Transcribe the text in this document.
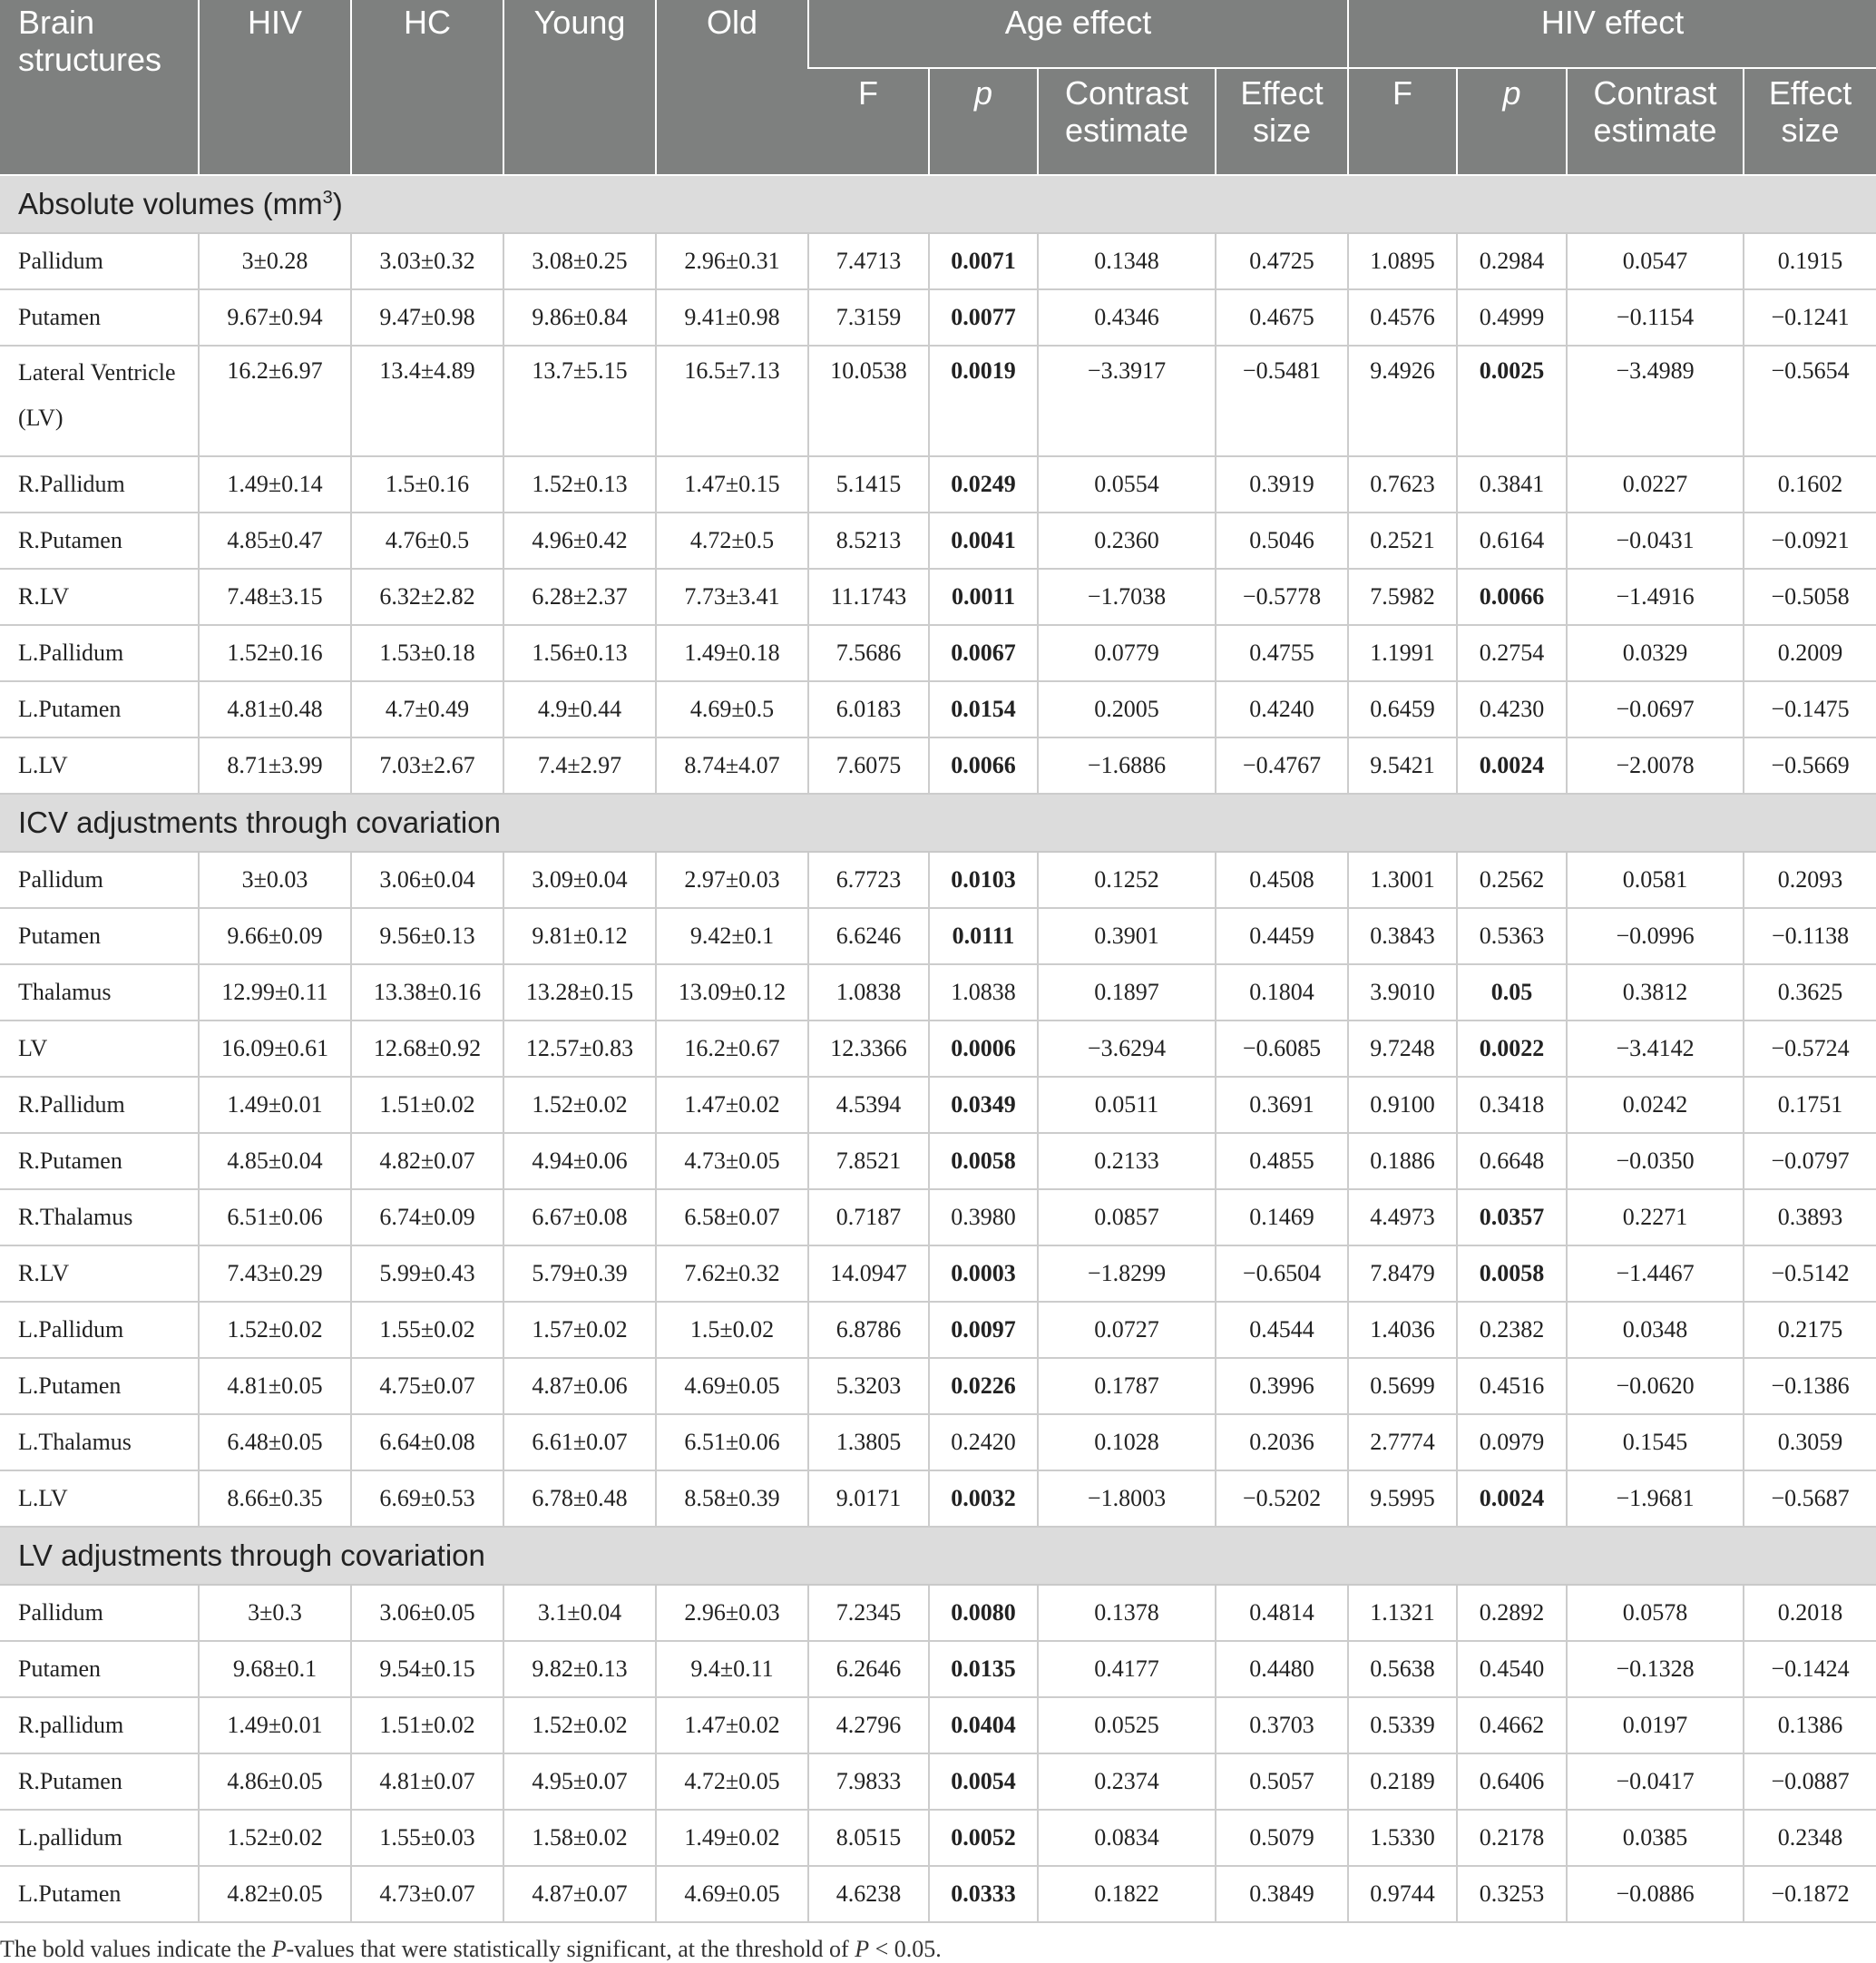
Brain structures	HIV	HC	Young	Old	Age effect				HIV effect			
					F	p	Contrast estimate	Effect size	F	p	Contrast estimate	Effect size
Absolute volumes $(mm^3)$												
Pallidum	3±0.28	3.03±0.32	3.08±0.25	2.96±0.31	7.4713	0.0071	0.1348	0.4725	1.0895	0.2984	0.0547	0.1915
Putamen	9.67±0.94	9.47±0.98	9.86±0.84	9.41±0.98	7.3159	0.0077	0.4346	0.4675	0.4576	0.4999	−0.1154	−0.1241
Lateral Ventricle (LV)	16.2±6.97	13.4±4.89	13.7±5.15	16.5±7.13	10.0538	0.0019	−3.3917	−0.5481	9.4926	0.0025	−3.4989	−0.5654
R.Pallidum	1.49±0.14	1.5±0.16	1.52±0.13	1.47±0.15	5.1415	0.0249	0.0554	0.3919	0.7623	0.3841	0.0227	0.1602
R.Putamen	4.85±0.47	4.76±0.5	4.96±0.42	4.72±0.5	8.5213	0.0041	0.2360	0.5046	0.2521	0.6164	−0.0431	−0.0921
R.LV	7.48±3.15	6.32±2.82	6.28±2.37	7.73±3.41	11.1743	0.0011	−1.7038	−0.5778	7.5982	0.0066	−1.4916	−0.5058
L.Pallidum	1.52±0.16	1.53±0.18	1.56±0.13	1.49±0.18	7.5686	0.0067	0.0779	0.4755	1.1991	0.2754	0.0329	0.2009
L.Putamen	4.81±0.48	4.7±0.49	4.9±0.44	4.69±0.5	6.0183	0.0154	0.2005	0.4240	0.6459	0.4230	−0.0697	−0.1475
L.LV	8.71±3.99	7.03±2.67	7.4±2.97	8.74±4.07	7.6075	0.0066	−1.6886	−0.4767	9.5421	0.0024	−2.0078	−0.5669
ICV adjustments through covariation												
Pallidum	3±0.03	3.06±0.04	3.09±0.04	2.97±0.03	6.7723	0.0103	0.1252	0.4508	1.3001	0.2562	0.0581	0.2093
Putamen	9.66±0.09	9.56±0.13	9.81±0.12	9.42±0.1	6.6246	0.0111	0.3901	0.4459	0.3843	0.5363	−0.0996	−0.1138
Thalamus	12.99±0.11	13.38±0.16	13.28±0.15	13.09±0.12	1.0838	1.0838	0.1897	0.1804	3.9010	0.05	0.3812	0.3625
LV	16.09±0.61	12.68±0.92	12.57±0.83	16.2±0.67	12.3366	0.0006	−3.6294	−0.6085	9.7248	0.0022	−3.4142	−0.5724
R.Pallidum	1.49±0.01	1.51±0.02	1.52±0.02	1.47±0.02	4.5394	0.0349	0.0511	0.3691	0.9100	0.3418	0.0242	0.1751
R.Putamen	4.85±0.04	4.82±0.07	4.94±0.06	4.73±0.05	7.8521	0.0058	0.2133	0.4855	0.1886	0.6648	−0.0350	−0.0797
R.Thalamus	6.51±0.06	6.74±0.09	6.67±0.08	6.58±0.07	0.7187	0.3980	0.0857	0.1469	4.4973	0.0357	0.2271	0.3893
R.LV	7.43±0.29	5.99±0.43	5.79±0.39	7.62±0.32	14.0947	0.0003	−1.8299	−0.6504	7.8479	0.0058	−1.4467	−0.5142
L.Pallidum	1.52±0.02	1.55±0.02	1.57±0.02	1.5±0.02	6.8786	0.0097	0.0727	0.4544	1.4036	0.2382	0.0348	0.2175
L.Putamen	4.81±0.05	4.75±0.07	4.87±0.06	4.69±0.05	5.3203	0.0226	0.1787	0.3996	0.5699	0.4516	−0.0620	−0.1386
L.Thalamus	6.48±0.05	6.64±0.08	6.61±0.07	6.51±0.06	1.3805	0.2420	0.1028	0.2036	2.7774	0.0979	0.1545	0.3059
L.LV	8.66±0.35	6.69±0.53	6.78±0.48	8.58±0.39	9.0171	0.0032	−1.8003	−0.5202	9.5995	0.0024	−1.9681	−0.5687
LV adjustments through covariation												
Pallidum	3±0.3	3.06±0.05	3.1±0.04	2.96±0.03	7.2345	0.0080	0.1378	0.4814	1.1321	0.2892	0.0578	0.2018
Putamen	9.68±0.1	9.54±0.15	9.82±0.13	9.4±0.11	6.2646	0.0135	0.4177	0.4480	0.5638	0.4540	−0.1328	−0.1424
R.pallidum	1.49±0.01	1.51±0.02	1.52±0.02	1.47±0.02	4.2796	0.0404	0.0525	0.3703	0.5339	0.4662	0.0197	0.1386
R.Putamen	4.86±0.05	4.81±0.07	4.95±0.07	4.72±0.05	7.9833	0.0054	0.2374	0.5057	0.2189	0.6406	−0.0417	−0.0887
L.pallidum	1.52±0.02	1.55±0.03	1.58±0.02	1.49±0.02	8.0515	0.0052	0.0834	0.5079	1.5330	0.2178	0.0385	0.2348
L.Putamen	4.82±0.05	4.73±0.07	4.87±0.07	4.69±0.05	4.6238	0.0333	0.1822	0.3849	0.9744	0.3253	−0.0886	−0.1872
The bold values indicate the P-values that were statistically significant, at the threshold of P < 0.05.
